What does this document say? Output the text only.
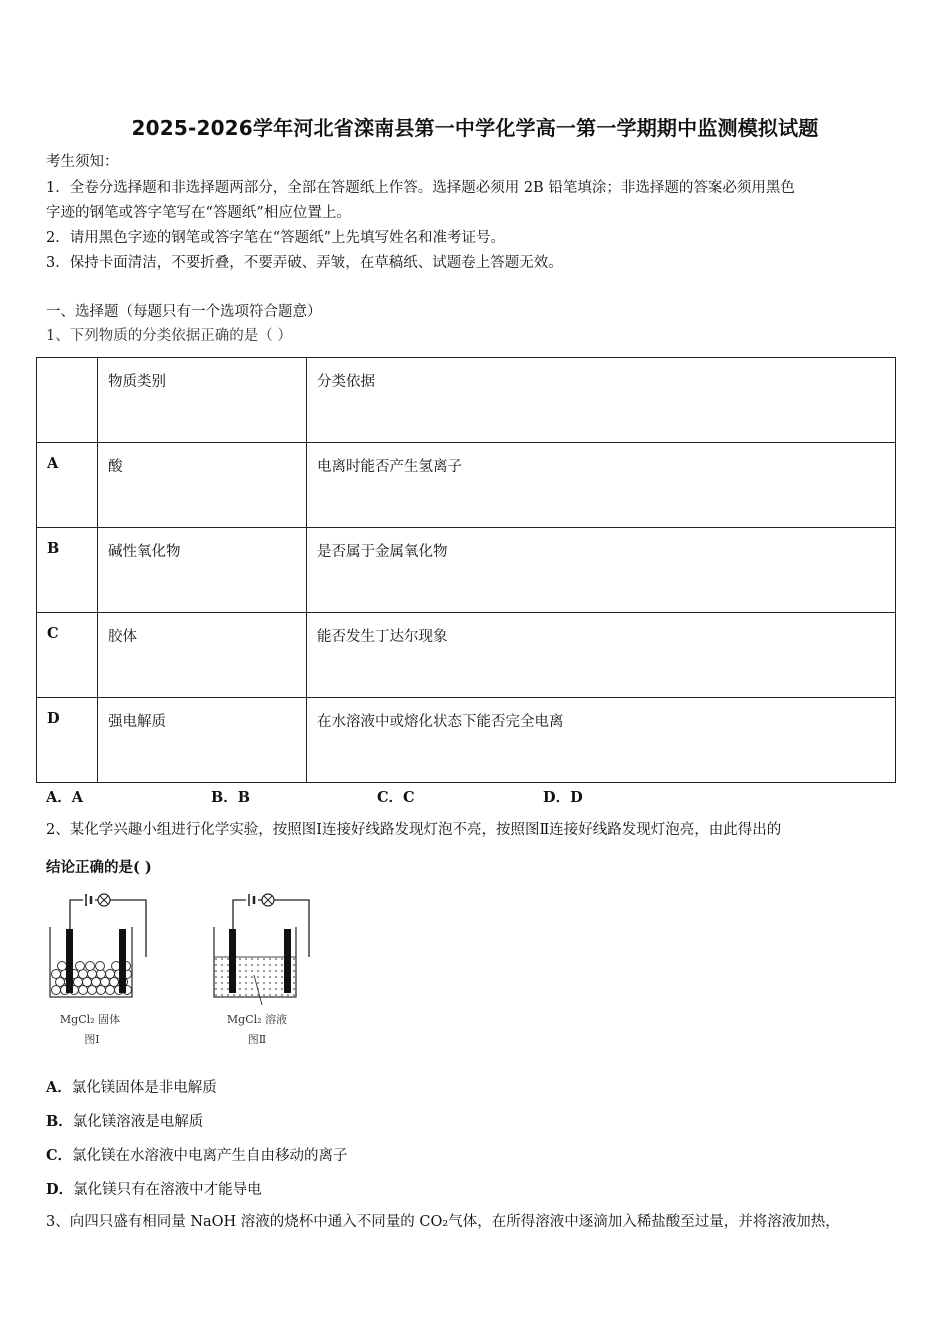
2025-2026学年河北省滦南县第一中学化学高一第一学期期中监测模拟试题
考生须知：
1．全卷分选择题和非选择题两部分，全部在答题纸上作答。选择题必须用 2B 铅笔填涂；非选择题的答案必须用黑色
字迹的钢笔或答字笔写在“答题纸”相应位置上。
2．请用黑色字迹的钢笔或答字笔在“答题纸”上先填写姓名和准考证号。
3．保持卡面清洁，不要折叠，不要弄破、弄皱，在草稿纸、试题卷上答题无效。
一、选择题（每题只有一个选项符合题意）
1、下列物质的分类依据正确的是（ ）
	物质类别	分类依据
A	酸	电离时能否产生氢离子
B	碱性氧化物	是否属于金属氧化物
C	胶体	能否发生丁达尔现象
D	强电解质	在水溶液中或熔化状态下能否完全电离
A．A	B．B	C．C	D．D
2、某化学兴趣小组进行化学实验，按照图Ⅰ连接好线路发现灯泡不亮，按照图Ⅱ连接好线路发现灯泡亮，由此得出的
结论正确的是( )
MgCl₂ 固体
图Ⅰ
MgCl₂ 溶液
图Ⅱ
A．氯化镁固体是非电解质
B．氯化镁溶液是电解质
C．氯化镁在水溶液中电离产生自由移动的离子
D．氯化镁只有在溶液中才能导电
3、向四只盛有相同量 NaOH 溶液的烧杯中通入不同量的 CO₂气体，在所得溶液中逐滴加入稀盐酸至过量，并将溶液加热，
